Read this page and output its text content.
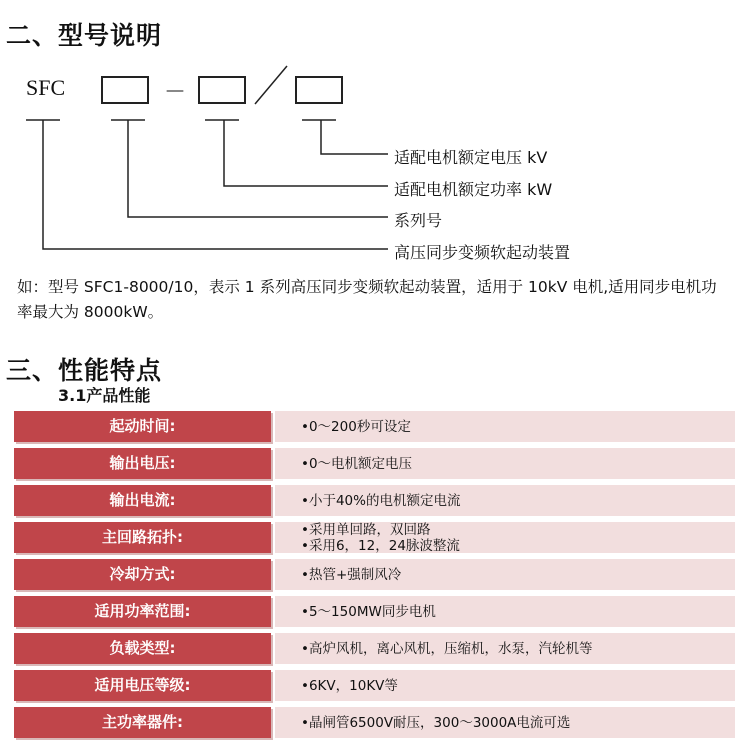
二、型号说明
SFC	－
适配电机额定电压 kV
适配电机额定功率 kW
系列号
高压同步变频软起动装置
如：型号 SFC1-8000/10，表示 1 系列高压同步变频软起动装置，适用于 10kV 电机,适用同步电机功率最大为 8000kW。
三、性能特点
3.1产品性能
起动时间:	•0～200秒可设定
输出电压:	•0～电机额定电压
输出电流:	•小于40%的电机额定电流
主回路拓扑:	•采用单回路，双回路
•采用6，12，24脉波整流
冷却方式:	•热管+强制风冷
适用功率范围:	•5～150MW同步电机
负载类型:	•高炉风机，离心风机，压缩机，水泵，汽轮机等
适用电压等级:	•6KV，10KV等
主功率器件:	•晶闸管6500V耐压，300～3000A电流可选
